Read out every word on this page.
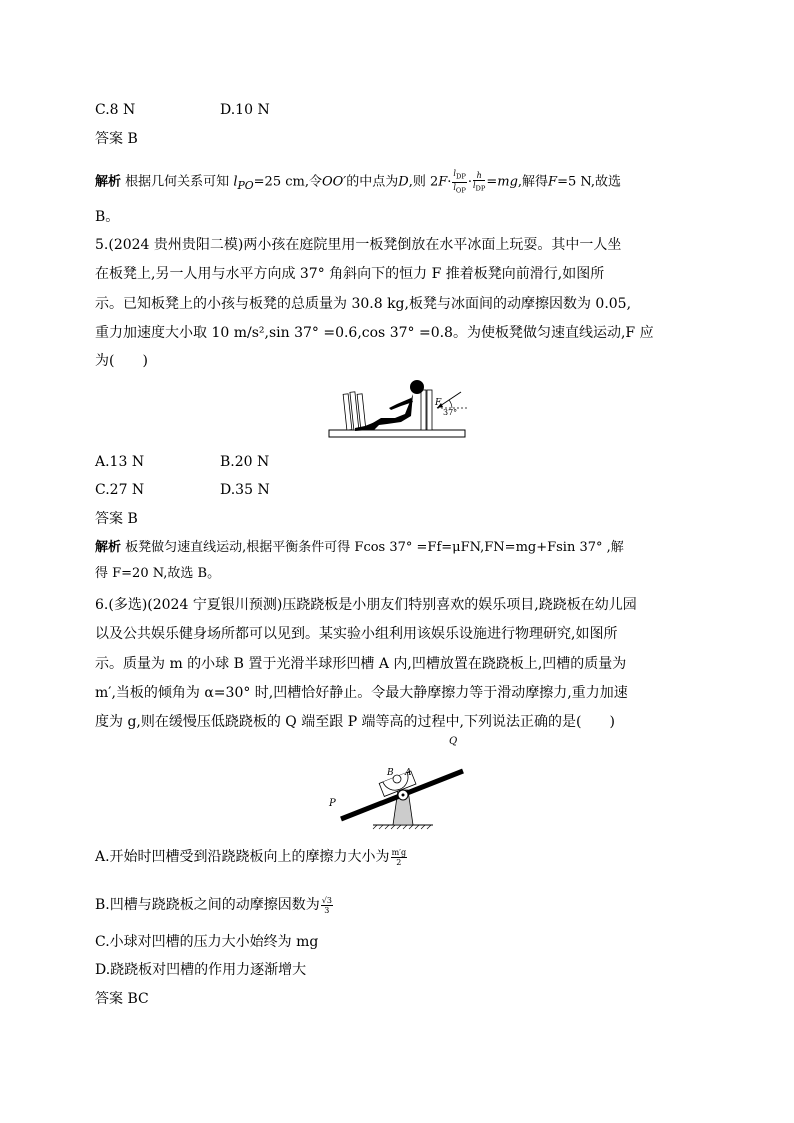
C.8 N	D.10 N
答案 B
解析 根据几何关系可知 $l_{PO}=25$ cm,令OO′的中点为D,则 $2F\cdot \frac{l_{DP}}{l_{OP}} \cdot \frac{h}{l_{DP}} =mg$,解得F=5 N,故选
B。
5.(2024 贵州贵阳二模)两小孩在庭院里用一板凳倒放在水平冰面上玩耍。其中一人坐
在板凳上,另一人用与水平方向成 37° 角斜向下的恒力 F 推着板凳向前滑行,如图所
示。已知板凳上的小孩与板凳的总质量为 30.8 kg,板凳与冰面间的动摩擦因数为 0.05,
重力加速度大小取 10 m/s²,sin 37° =0.6,cos 37° =0.8。为使板凳做匀速直线运动,F 应
为(　　)
F
37°
A.13 N	B.20 N
C.27 N	D.35 N
答案 B
解析 板凳做匀速直线运动,根据平衡条件可得 Fcos 37° =Ff=μFN,FN=mg+Fsin 37° ,解
得 F=20 N,故选 B。
6.(多选)(2024 宁夏银川预测)压跷跷板是小朋友们特别喜欢的娱乐项目,跷跷板在幼儿园
以及公共娱乐健身场所都可以见到。某实验小组利用该娱乐设施进行物理研究,如图所
示。质量为 m 的小球 B 置于光滑半球形凹槽 A 内,凹槽放置在跷跷板上,凹槽的质量为
m′,当板的倾角为 α=30° 时,凹槽恰好静止。令最大静摩擦力等于滑动摩擦力,重力加速
度为 g,则在缓慢压低跷跷板的 Q 端至跟 P 端等高的过程中,下列说法正确的是(　　)
B A
Q
P
A.开始时凹槽受到沿跷跷板向上的摩擦力大小为 $\frac{m'g}{2}$
B.凹槽与跷跷板之间的动摩擦因数为 $\frac{√3}{3}$
C.小球对凹槽的压力大小始终为 mg
D.跷跷板对凹槽的作用力逐渐增大
答案 BC
